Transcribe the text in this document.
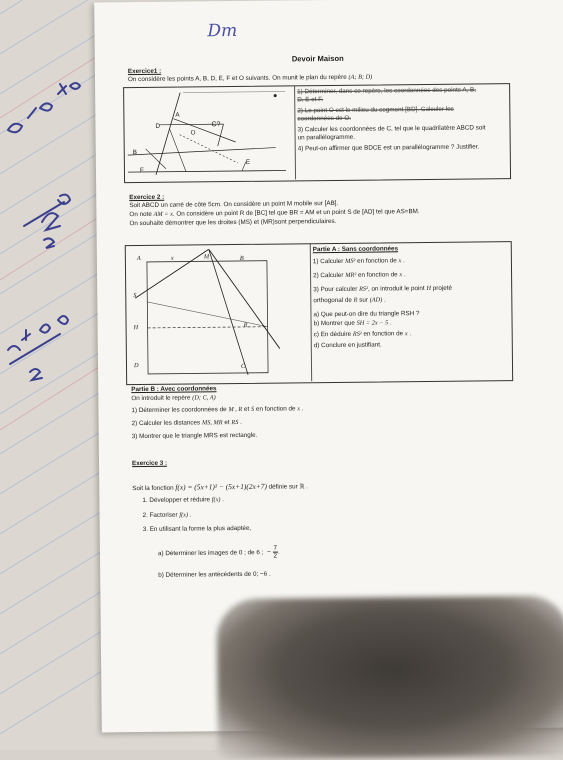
Dm
Devoir Maison
Exercice1 :
On considère les points A, B, D, E, F et O suivants. On munit le plan du repère (A; B; D)
A
D
O
C?
B
E
F
1) Déterminer, dans ce repère, les coordonnées des points A, B,
D, E et F.
2) Le point O est le milieu du segment [BD]. Calculer les
coordonnées de O.
3) Calculer les coordonnées de C, tel que le quadrilatère ABCD soit
un parallélogramme.
4) Peut-on affirmer que BDCE est un parallélogramme ? Justifier.
Exercice 2 :
Soit ABCD un carré de côté 5cm. On considère un point M mobile sur [AB].
On note AM = x. On considère un point R de [BC] tel que BR = AM et un point S de [AD] tel que AS=BM.
On souhaite démontrer que les droites (MS) et (MR)sont perpendiculaires.
A	x	M	B
S
H	R
D	C
Partie A : Sans coordonnées
1) Calculer MS² en fonction de x .
2) Calculer MR² en fonction de x .
3) Pour calculer RS², on introduit le point H projeté
orthogonal de R sur (AD) .
a) Que peut-on dire du triangle RSH ?
b) Montrer que SH = 2x − 5 .
c) En déduire RS² en fonction de x .
d) Conclure en justifiant.
Partie B : Avec coordonnées
On introduit le repère (D; C, A)
1) Déterminer les coordonnées de M , R et S en fonction de x .
2) Calculer les distances MS, MR et RS .
3) Montrer que le triangle MRS est rectangle.
Exercice 3 :
Soit la fonction f(x) = (5x+1)² − (5x+1)(2x+7) définie sur ℝ .
1. Développer et réduire f(x) .
2. Factoriser f(x) .
3. En utilisant la forme la plus adaptée,
a) Déterminer les images de 0 ; de 6 ; − $\frac{7}{2}$ .
b) Déterminer les antécédents de 0; −6 .
